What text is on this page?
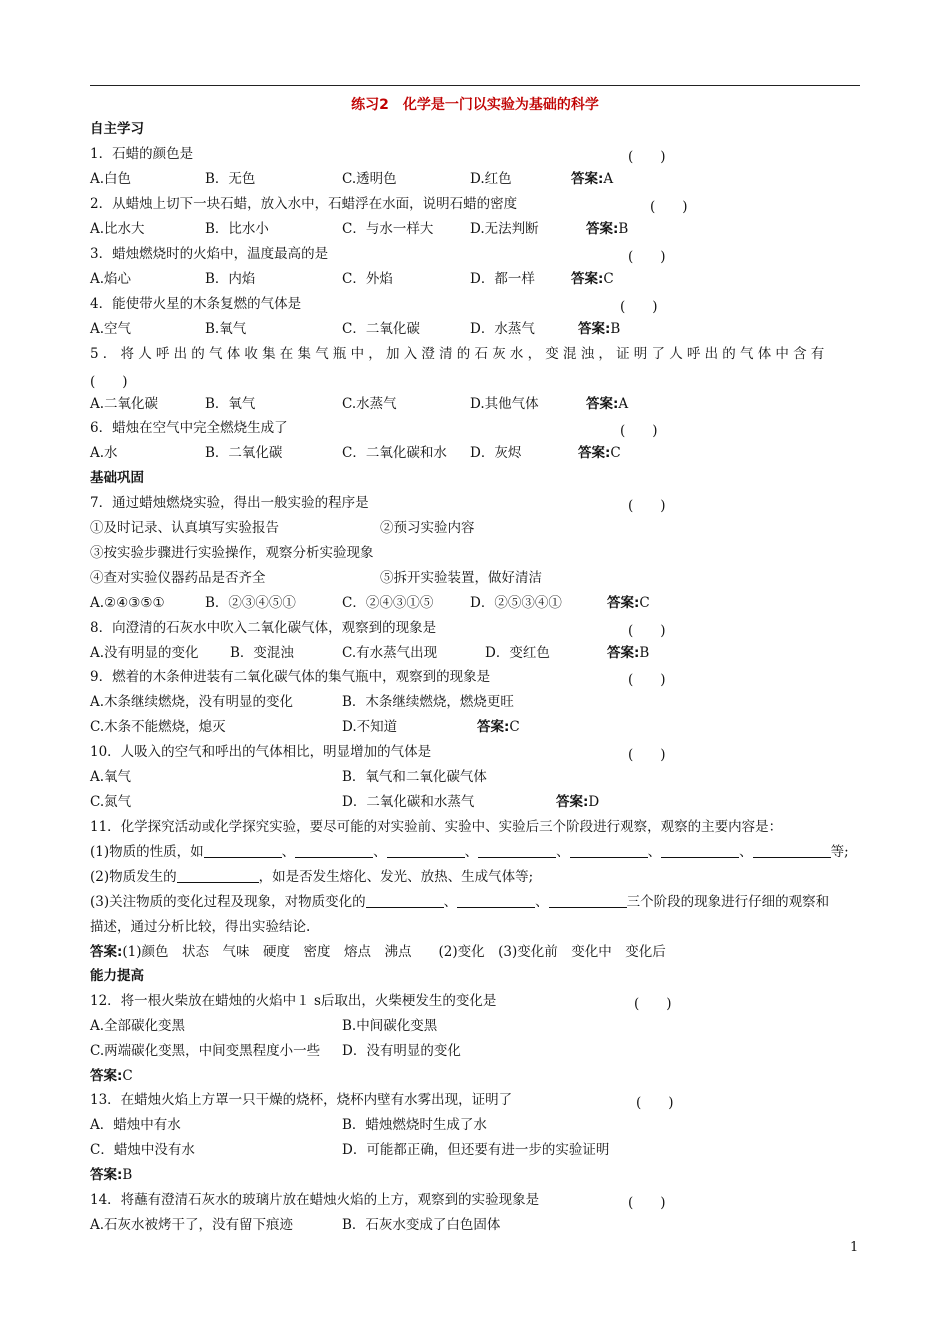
练习2　化学是一门以实验为基础的科学
自主学习
1．石蜡的颜色是	(　　)
A.白色	B．无色	C.透明色	D.红色	答案:A
2．从蜡烛上切下一块石蜡，放入水中，石蜡浮在水面，说明石蜡的密度	(　　)
A.比水大	B．比水小	C．与水一样大	D.无法判断	答案:B
3．蜡烛燃烧时的火焰中，温度最高的是	(　　)
A.焰心	B．内焰	C．外焰	D．都一样	答案:C
4．能使带火星的木条复燃的气体是	(　　)
A.空气	B.氧气	C．二氧化碳	D．水蒸气	答案:B
5．将人呼出的气体收集在集气瓶中，加入澄清的石灰水，变混浊，证明了人呼出的气体中含有
(　　)
A.二氧化碳	B．氧气	C.水蒸气	D.其他气体	答案:A
6．蜡烛在空气中完全燃烧生成了	(　　)
A.水	B．二氧化碳	C．二氧化碳和水 D．灰烬	答案:C
基础巩固
7．通过蜡烛燃烧实验，得出一般实验的程序是	(　　)
①及时记录、认真填写实验报告	②预习实验内容
③按实验步骤进行实验操作，观察分析实验现象
④查对实验仪器药品是否齐全	⑤拆开实验装置，做好清洁
A.②④③⑤①	B．②③④⑤①	C．②④③①⑤	D．②⑤③④①	答案:C
8．向澄清的石灰水中吹入二氧化碳气体，观察到的现象是	(　　)
A.没有明显的变化 B．变混浊	C.有水蒸气出现	D．变红色	答案:B
9．燃着的木条伸进装有二氧化碳气体的集气瓶中，观察到的现象是	(　　)
A.木条继续燃烧，没有明显的变化	B．木条继续燃烧，燃烧更旺
C.木条不能燃烧，熄灭	D.不知道	答案:C
10．人吸入的空气和呼出的气体相比，明显增加的气体是	(　　)
A.氧气	B．氧气和二氧化碳气体
C.氮气	D．二氧化碳和水蒸气	答案:D
11．化学探究活动或化学探究实验，要尽可能的对实验前、实验中、实验后三个阶段进行观察，观察的主要内容是：
(1)物质的性质，如	、	、	、	、	、	、	等;
(2)物质发生的	，如是否发生熔化、发光、放热、生成气体等;
(3)关注物质的变化过程及现象，对物质变化的	、	、	三个阶段的现象进行仔细的观察和
描述，通过分析比较，得出实验结论.
答案:(1)颜色　状态　气味　硬度　密度　熔点　沸点　　(2)变化　(3)变化前　变化中　变化后
能力提高
12．将一根火柴放在蜡烛的火焰中１ s后取出，火柴梗发生的变化是	(　　)
A.全部碳化变黑	B.中间碳化变黑
C.两端碳化变黑，中间变黑程度小一些 D．没有明显的变化
答案:C
13．在蜡烛火焰上方罩一只干燥的烧杯，烧杯内壁有水雾出现，证明了	(　　)
A．蜡烛中有水	B．蜡烛燃烧时生成了水
C．蜡烛中没有水	D．可能都正确，但还要有进一步的实验证明
答案:B
14．将蘸有澄清石灰水的玻璃片放在蜡烛火焰的上方，观察到的实验现象是	(　　)
A.石灰水被烤干了，没有留下痕迹	B．石灰水变成了白色固体
1
